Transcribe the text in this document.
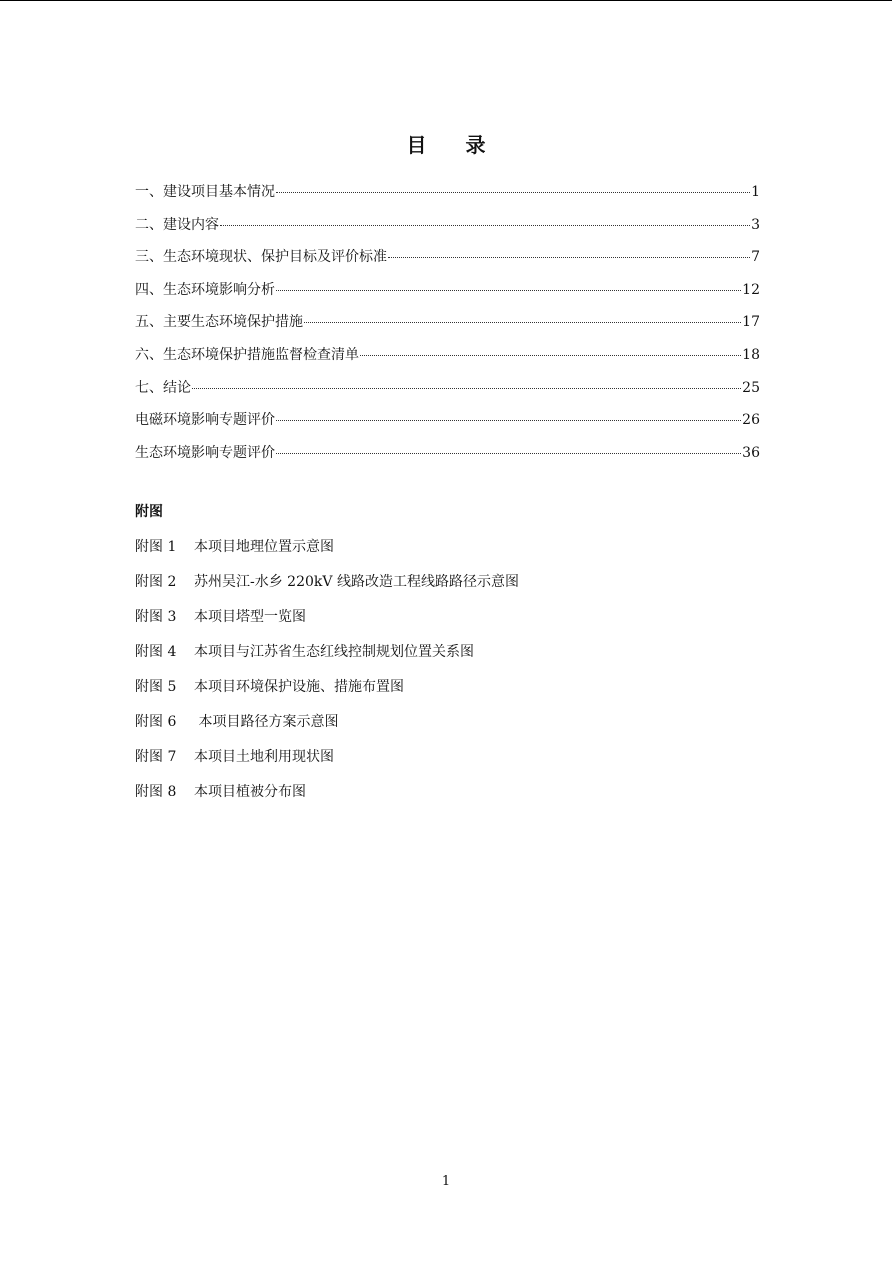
目 录
一、建设项目基本情况	1
二、建设内容	3
三、生态环境现状、保护目标及评价标准	7
四、生态环境影响分析	12
五、主要生态环境保护措施	17
六、生态环境保护措施监督检查清单	18
七、结论	25
电磁环境影响专题评价	26
生态环境影响专题评价	36
附图
附图 1 本项目地理位置示意图
附图 2 苏州吴江-水乡 220kV 线路改造工程线路路径示意图
附图 3 本项目塔型一览图
附图 4 本项目与江苏省生态红线控制规划位置关系图
附图 5 本项目环境保护设施、措施布置图
附图 6 本项目路径方案示意图
附图 7 本项目土地利用现状图
附图 8 本项目植被分布图
1
